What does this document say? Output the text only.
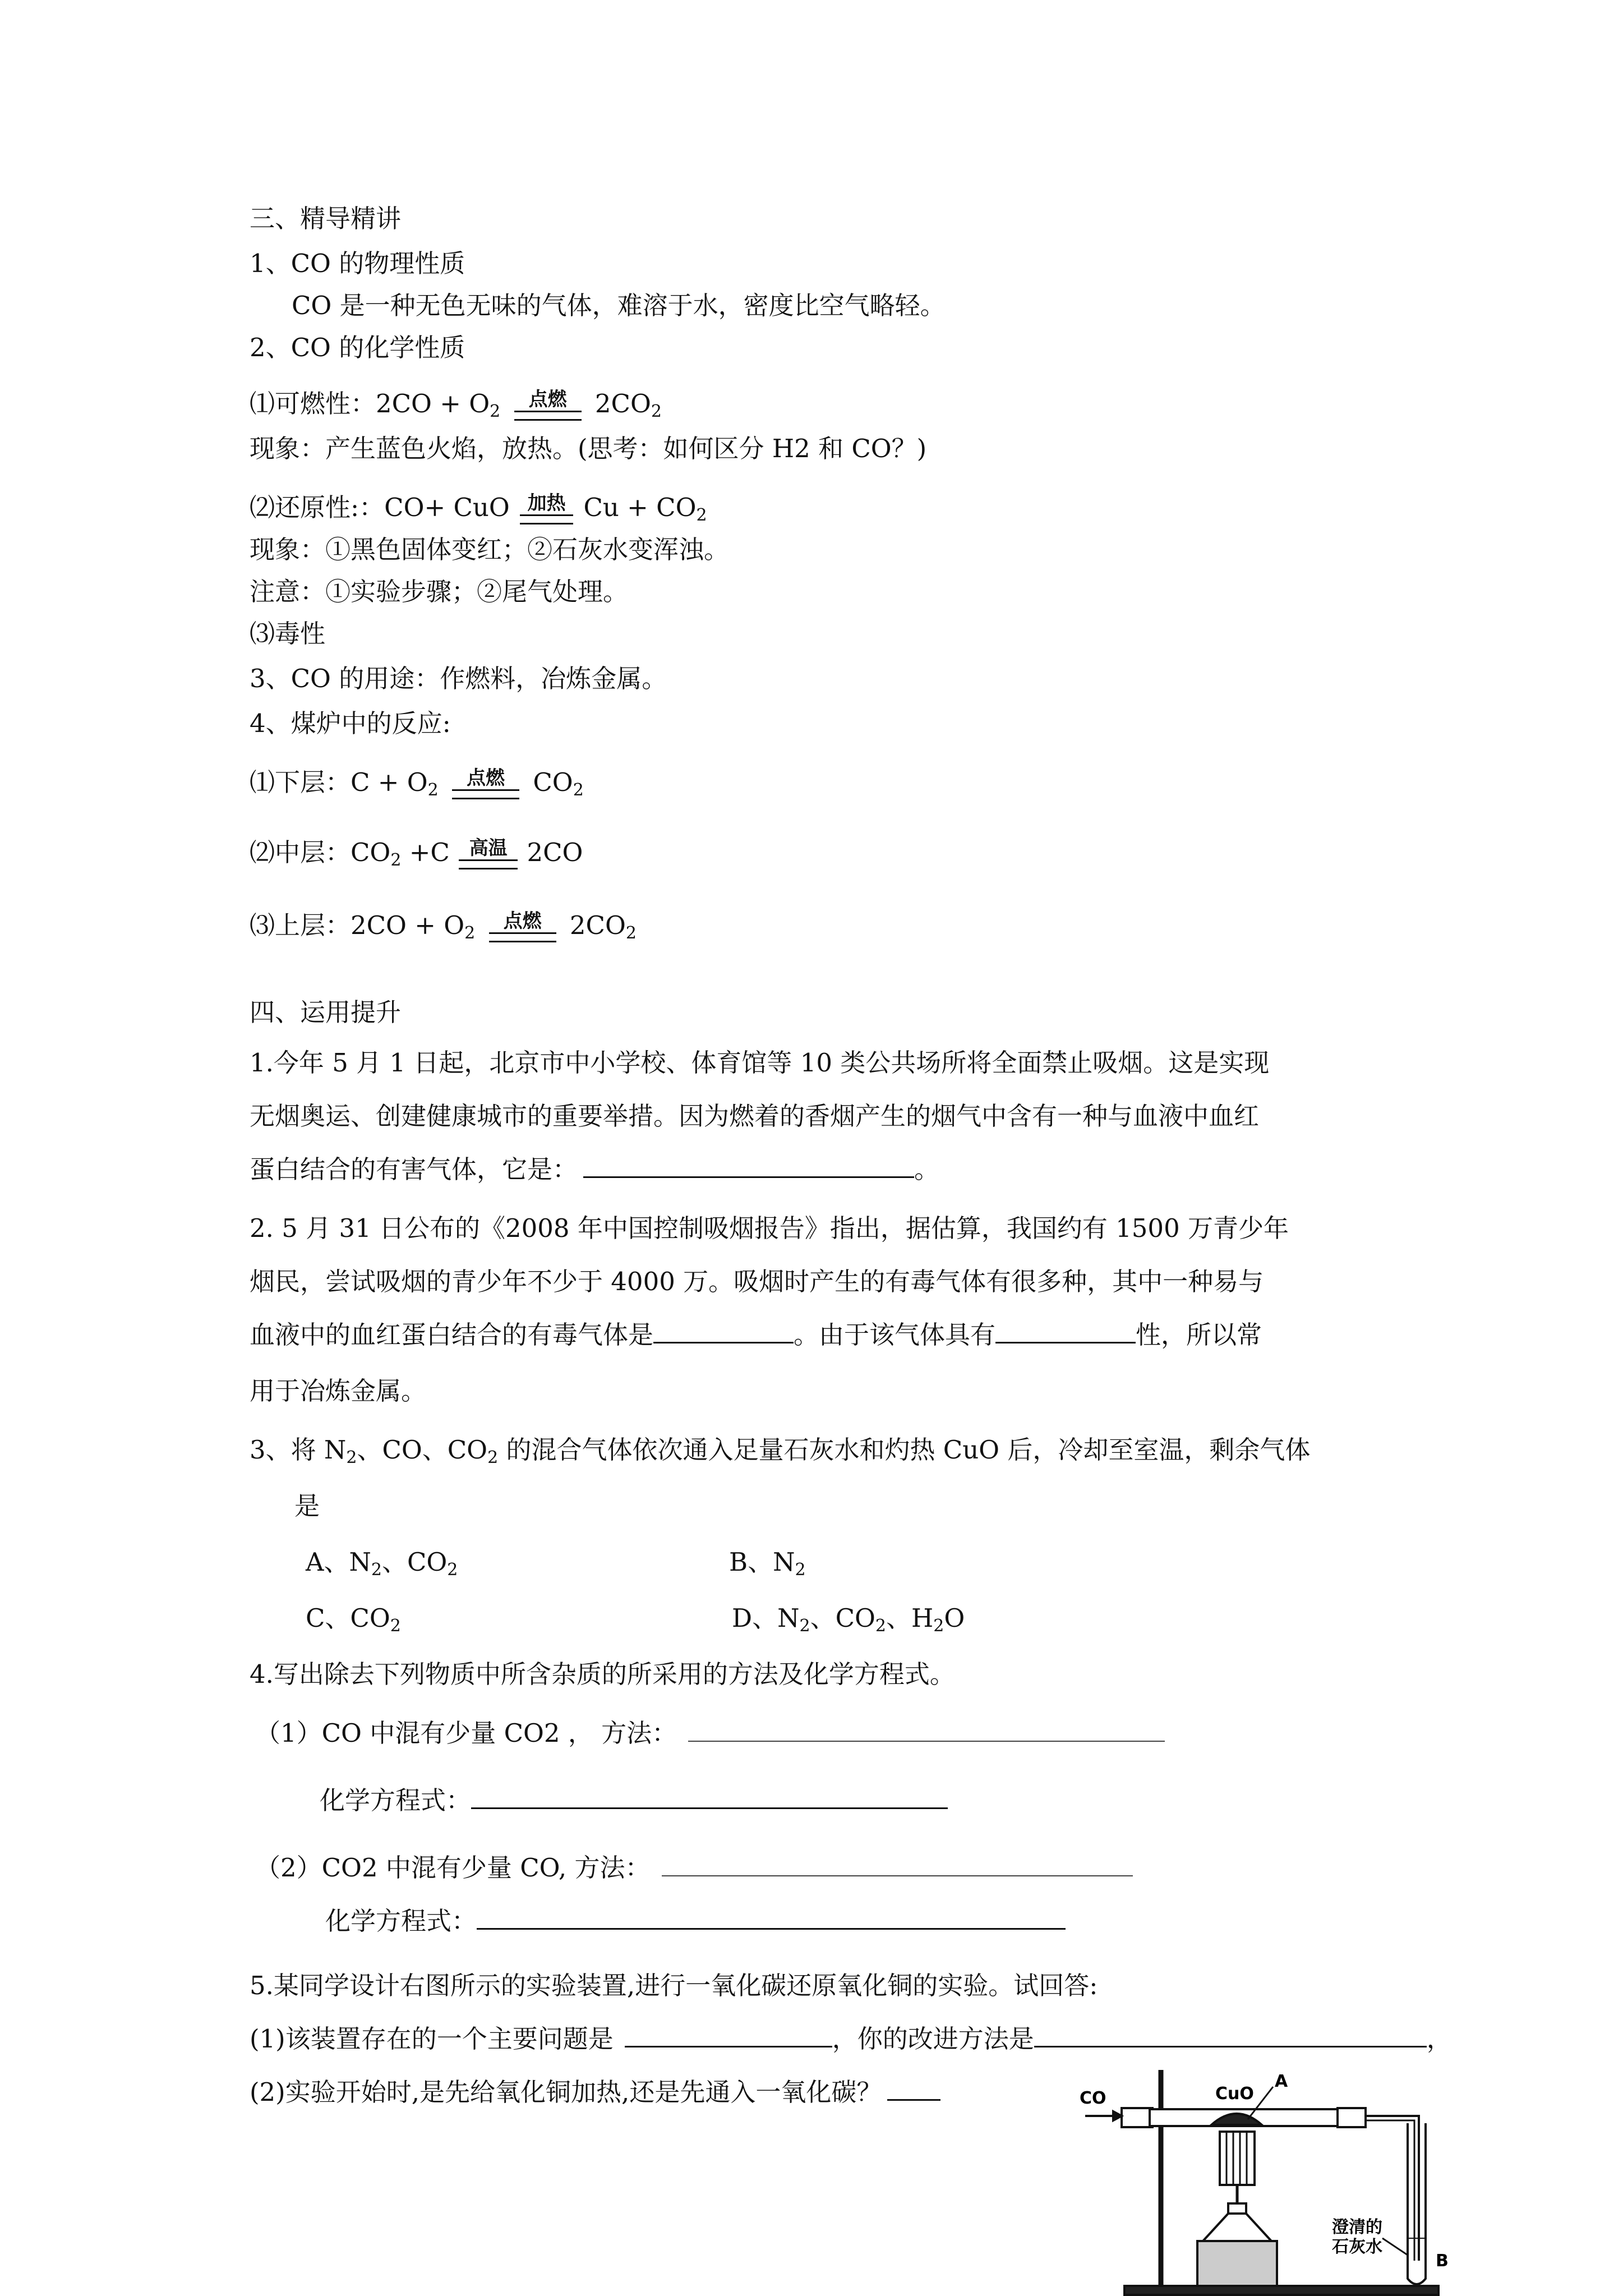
三、精导精讲
1、CO 的物理性质
CO 是一种无色无味的气体，难溶于水，密度比空气略轻。
2、CO 的化学性质
⑴可燃性：$2CO + O_2$
点燃	$2CO_2$
现象：产生蓝色火焰，放热。(思考：如何区分 H2 和 CO？)
⑵还原性:：CO+ CuO 加热 $Cu + CO_2$
现象：①黑色固体变红；②石灰水变浑浊。
注意：①实验步骤；②尾气处理。
⑶毒性
3、CO 的用途：作燃料，冶炼金属。
4、煤炉中的反应:
⑴下层：$C + O_2$
点燃	$CO_2$
⑵中层：$CO_2 +C$	高温 2CO
⑶上层：$2CO + O_2$
点燃	$2CO_2$
四、运用提升
1.今年 5 月 1 日起，北京市中小学校、体育馆等 10 类公共场所将全面禁止吸烟。这是实现
无烟奥运、创建健康城市的重要举措。因为燃着的香烟产生的烟气中含有一种与血液中血红
蛋白结合的有害气体，它是：	。
2. 5 月 31 日公布的《2008 年中国控制吸烟报告》指出，据估算，我国约有 1500 万青少年
烟民，尝试吸烟的青少年不少于 4000 万。吸烟时产生的有毒气体有很多种，其中一种易与
血液中的血红蛋白结合的有毒气体是	。由于该气体具有	性，所以常
用于冶炼金属。
3、将 $N_2$、CO、$CO_2$ 的混合气体依次通入足量石灰水和灼热 CuO 后，冷却至室温，剩余气体
是
A、$N_2$、$CO_2$	B、$N_2$
C、$CO_2$	D、$N_2$、$CO_2$、$H_2O$
4.写出除去下列物质中所含杂质的所采用的方法及化学方程式。
（1）CO 中混有少量 CO2 ， 方法：
化学方程式：
（2）CO2 中混有少量 CO, 方法：
化学方程式：
5.某同学设计右图所示的实验装置,进行一氧化碳还原氧化铜的实验。试回答:
(1)该装置存在的一个主要问题是	，你的改进方法是	，
(2)实验开始时,是先给氧化铜加热,还是先通入一氧化碳？	CO	CuO
A
澄清的
石灰水
B
